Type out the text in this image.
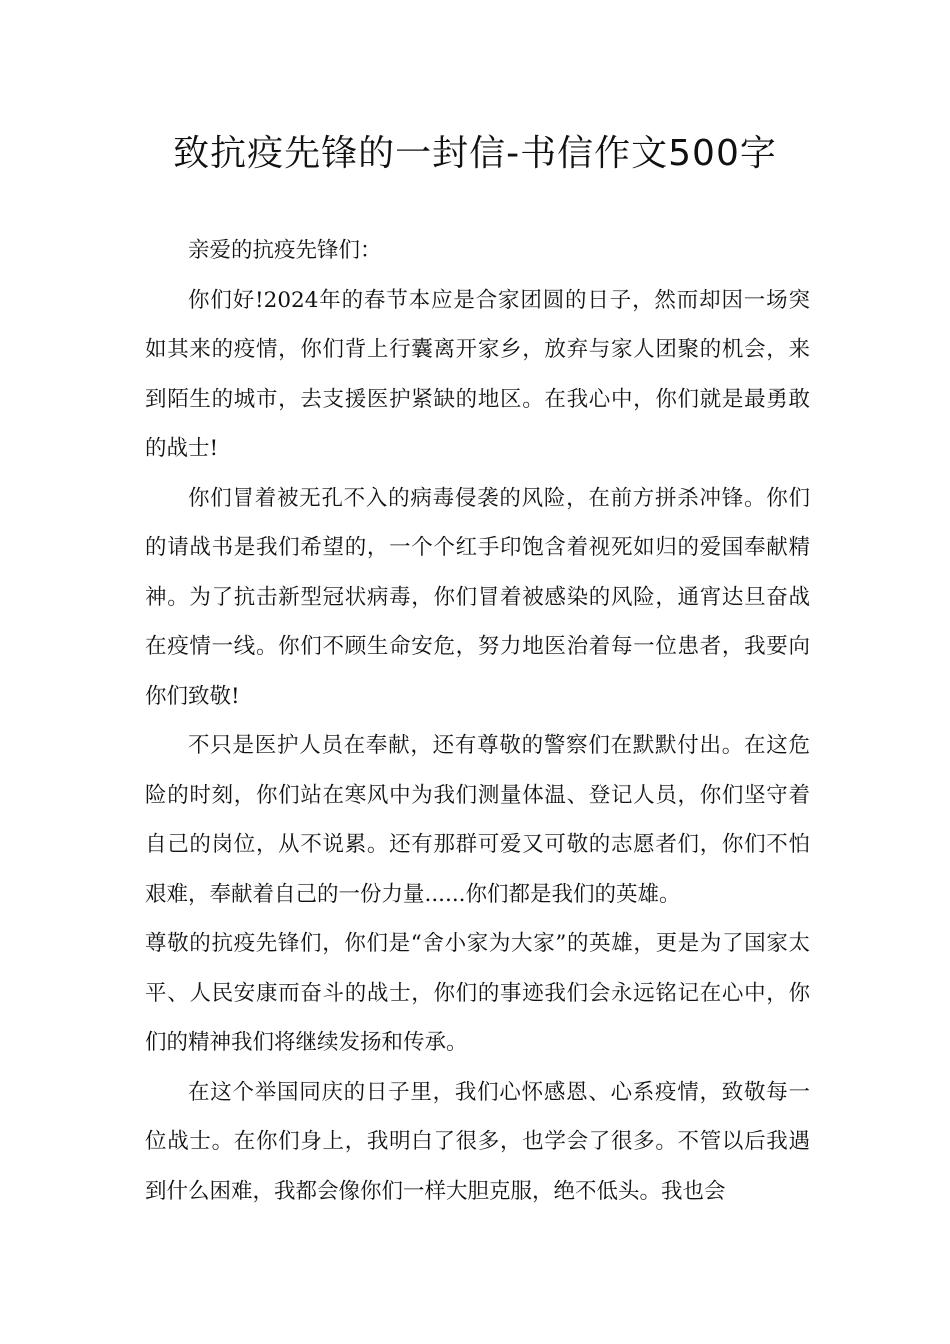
致抗疫先锋的一封信-书信作文500字

亲爱的抗疫先锋们：

你们好!2024年的春节本应是合家团圆的日子，然而却因一场突如其来的疫情，你们背上行囊离开家乡，放弃与家人团聚的机会，来到陌生的城市，去支援医护紧缺的地区。在我心中，你们就是最勇敢的战士!

你们冒着被无孔不入的病毒侵袭的风险，在前方拼杀冲锋。你们的请战书是我们希望的，一个个红手印饱含着视死如归的爱国奉献精神。为了抗击新型冠状病毒，你们冒着被感染的风险，通宵达旦奋战在疫情一线。你们不顾生命安危，努力地医治着每一位患者，我要向你们致敬!

不只是医护人员在奉献，还有尊敬的警察们在默默付出。在这危险的时刻，你们站在寒风中为我们测量体温、登记人员，你们坚守着自己的岗位，从不说累。还有那群可爱又可敬的志愿者们，你们不怕艰难，奉献着自己的一份力量......你们都是我们的英雄。

尊敬的抗疫先锋们，你们是“舍小家为大家”的英雄，更是为了国家太平、人民安康而奋斗的战士，你们的事迹我们会永远铭记在心中，你们的精神我们将继续发扬和传承。

在这个举国同庆的日子里，我们心怀感恩、心系疫情，致敬每一位战士。在你们身上，我明白了很多，也学会了很多。不管以后我遇到什么困难，我都会像你们一样大胆克服，绝不低头。我也会
